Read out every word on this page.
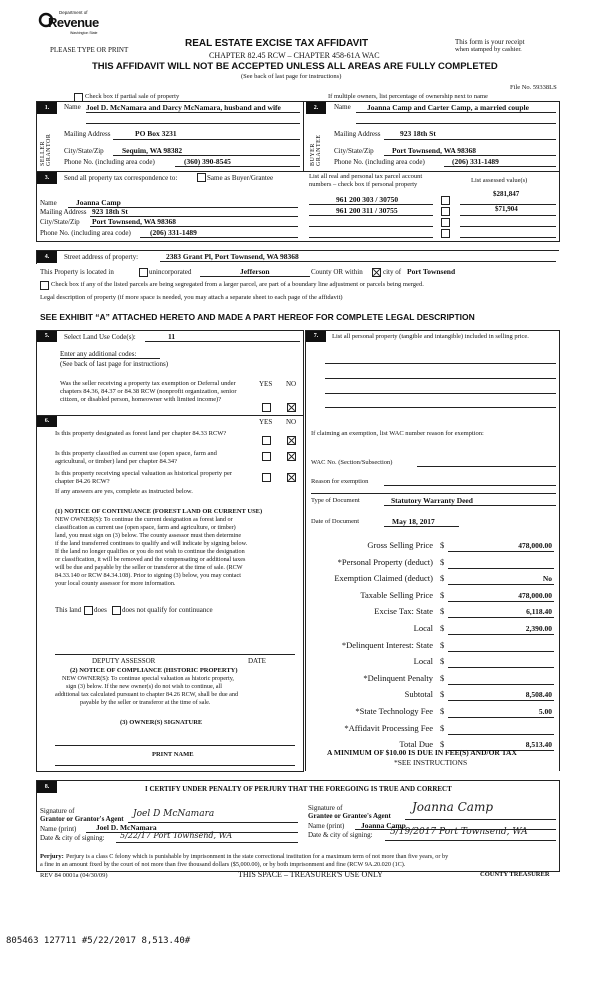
Department of
Revenue
Washington State
PLEASE TYPE OR PRINT
REAL ESTATE EXCISE TAX AFFIDAVIT
CHAPTER 82.45 RCW – CHAPTER 458-61A WAC
This form is your receipt
when stamped by cashier.
THIS AFFIDAVIT WILL NOT BE ACCEPTED UNLESS ALL AREAS ARE FULLY COMPLETED
(See back of last page for instructions)
File No. 59338LS
Check box if partial sale of property	If multiple owners, list percentage of ownership next to name
1.
SELLER GRANTOR
Name Joel D. McNamara and Darcy McNamara, husband and wife
Mailing Address	PO Box 3231
City/State/Zip Sequim, WA 98382
Phone No. (including area code)	(360) 390-8545
2.
BUYER GRANTEE
Name Joanna Camp and Carter Camp, a married couple
Mailing Address	923 18th St
City/State/Zip Port Townsend, WA 98368
Phone No. (including area code)	(206) 331-1489
3.	Send all property tax correspondence to:	Same as Buyer/Grantee	List all real and personal tax parcel account
numbers – check box if personal property
List assessed value(s)
Name	Joanna Camp
Mailing Address 923 18th St
City/State/Zip Port Townsend, WA 98368
Phone No. (including area code)	(206) 331-1489
961 200 303 / 30750
$281,847
961 200 311 / 30755	$71,904
4.	Street address of property:	2383 Grant Pl, Port Townsend, WA 98368
This Property is located in	unincorporated	Jefferson	County OR within	city of Port Townsend
Check box if any of the listed parcels are being segregated from a larger parcel, are part of a boundary line adjustment or parcels being merged.
Legal description of property (if more space is needed, you may attach a separate sheet to each page of the affidavit)
SEE EXHIBIT “A” ATTACHED HERETO AND MADE A PART HEREOF FOR COMPLETE LEGAL DESCRIPTION
5.	Select Land Use Code(s):	11
Enter any additional codes:
(See back of last page for instructions)
YES NO
Was the seller receiving a property tax exemption or Deferral under chapters 84.36, 84.37 or 84.38 RCW (nonprofit organization, senior citizen, or disabled person, homeowner with limited income)?
6.	YES NO
Is this property designated as forest land per chapter 84.33 RCW?
Is this property classified as current use (open space, farm and agricultural, or timber) land per chapter 84.34?
Is this property receiving special valuation as historical property per chapter 84.26 RCW?
If any answers are yes, complete as instructed below.
(1) NOTICE OF CONTINUANCE (FOREST LAND OR CURRENT USE)
NEW OWNER(S): To continue the current designation as forest land or
classification as current use (open space, farm and agriculture, or timber)
land, you must sign on (3) below. The county assessor must then determine
if the land transferred continues to qualify and will indicate by signing below.
If the land no longer qualifies or you do not wish to continue the designation
or classification, it will be removed and the compensating or additional taxes
will be due and payable by the seller or transferor at the time of sale. (RCW
84.33.140 or RCW 84.34.108). Prior to signing (3) below, you may contact
your local county assessor for more information.
This land does does not qualify for continuance
DEPUTY ASSESSOR	DATE
(2) NOTICE OF COMPLIANCE (HISTORIC PROPERTY)
NEW OWNER(S): To continue special valuation as historic property,
sign (3) below. If the new owner(s) do not wish to continue, all
additional tax calculated pursuant to chapter 84.26 RCW, shall be due and
payable by the seller or transferor at the time of sale.
(3) OWNER(S) SIGNATURE
PRINT NAME
7.	List all personal property (tangible and intangible) included in selling price.
If claiming an exemption, list WAC number reason for exemption:
WAC No. (Section/Subsection)
Reason for exemption
Type of Document	Statutory Warranty Deed
Date of Document	May 18, 2017
Gross Selling Price $	478,000.00
*Personal Property (deduct) $
Exemption Claimed (deduct) $	No
Taxable Selling Price $	478,000.00
Excise Tax: State $	6,118.40
Local $	2,390.00
*Delinquent Interest: State $
Local $
*Delinquent Penalty $
Subtotal $	8,508.40
*State Technology Fee $	5.00
*Affidavit Processing Fee $
Total Due $	8,513.40
A MINIMUM OF $10.00 IS DUE IN FEE(S) AND/OR TAX
*SEE INSTRUCTIONS
8.	I CERTIFY UNDER PENALTY OF PERJURY THAT THE FOREGOING IS TRUE AND CORRECT
Signature of
Grantor or Grantor's Agent Joel D McNamara
Name (print)	Joel D. McNamara
Date & city of signing: 5/22/17 Port Townsend, WA
Signature of
Grantee or Grantee's Agent
Joanna Camp
Name (print) Joanna Camp
Date & city of signing: 5/19/2017 Port Townsend, WA
Perjury: Perjury is a class C felony which is punishable by imprisonment in the state correctional institution for a maximum term of not more than five years, or by
a fine in an amount fixed by the court of not more than five thousand dollars ($5,000.00), or by both imprisonment and fine (RCW 9A.20.020 (1C).
REV 84 0001a (04/30/09)	THIS SPACE – TREASURER'S USE ONLY	COUNTY TREASURER
805463 127711 #5/22/2017 8,513.40#
